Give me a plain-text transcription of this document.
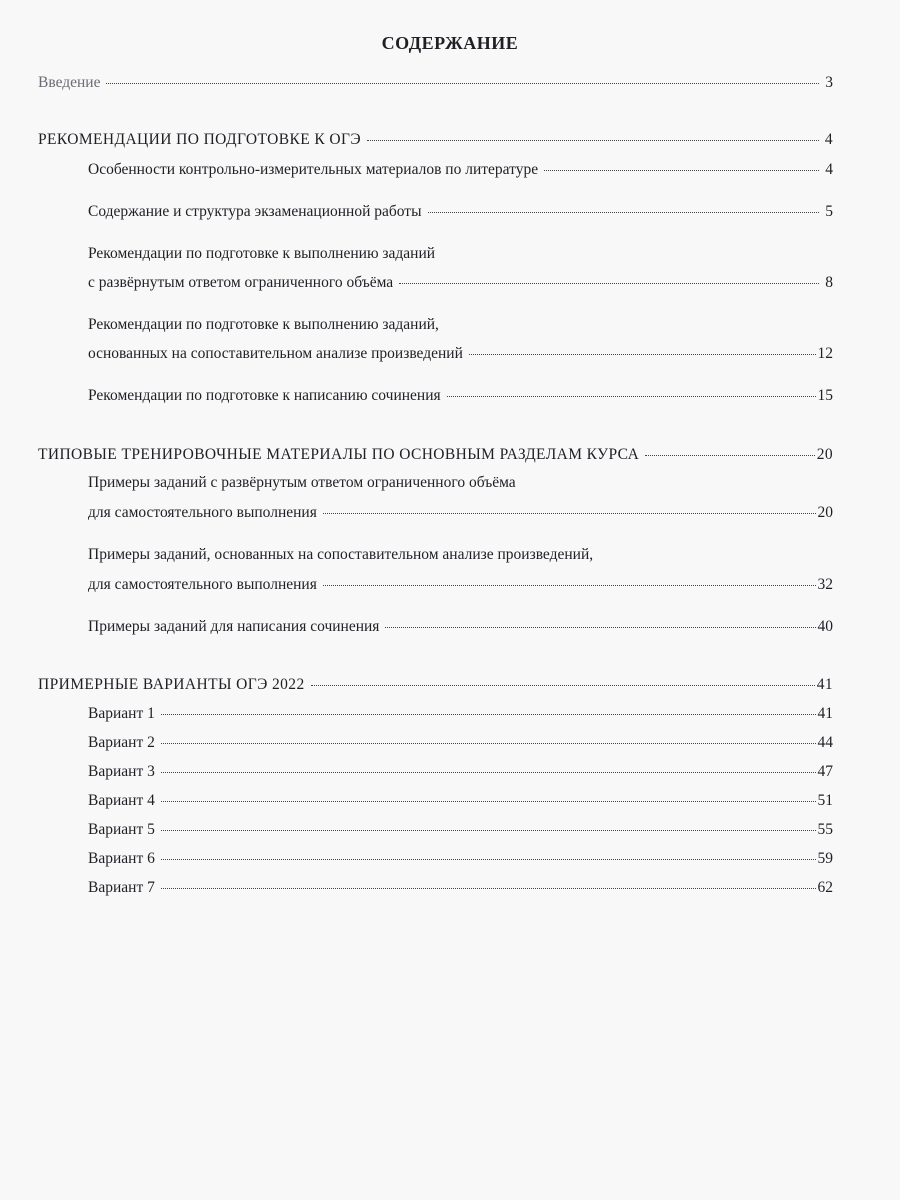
СОДЕРЖАНИЕ
Введение	3
РЕКОМЕНДАЦИИ ПО ПОДГОТОВКЕ К ОГЭ	4
Особенности контрольно-измерительных материалов по литературе	4
Содержание и структура экзаменационной работы	5
Рекомендации по подготовке к выполнению заданий
с развёрнутым ответом ограниченного объёма	8
Рекомендации по подготовке к выполнению заданий,
основанных на сопоставительном анализе произведений	12
Рекомендации по подготовке к написанию сочинения	15
ТИПОВЫЕ ТРЕНИРОВОЧНЫЕ МАТЕРИАЛЫ ПО ОСНОВНЫМ РАЗДЕЛАМ КУРСА	20
Примеры заданий с развёрнутым ответом ограниченного объёма
для самостоятельного выполнения	20
Примеры заданий, основанных на сопоставительном анализе произведений,
для самостоятельного выполнения	32
Примеры заданий для написания сочинения	40
ПРИМЕРНЫЕ ВАРИАНТЫ ОГЭ 2022	41
Вариант 1	41
Вариант 2	44
Вариант 3	47
Вариант 4	51
Вариант 5	55
Вариант 6	59
Вариант 7	62
